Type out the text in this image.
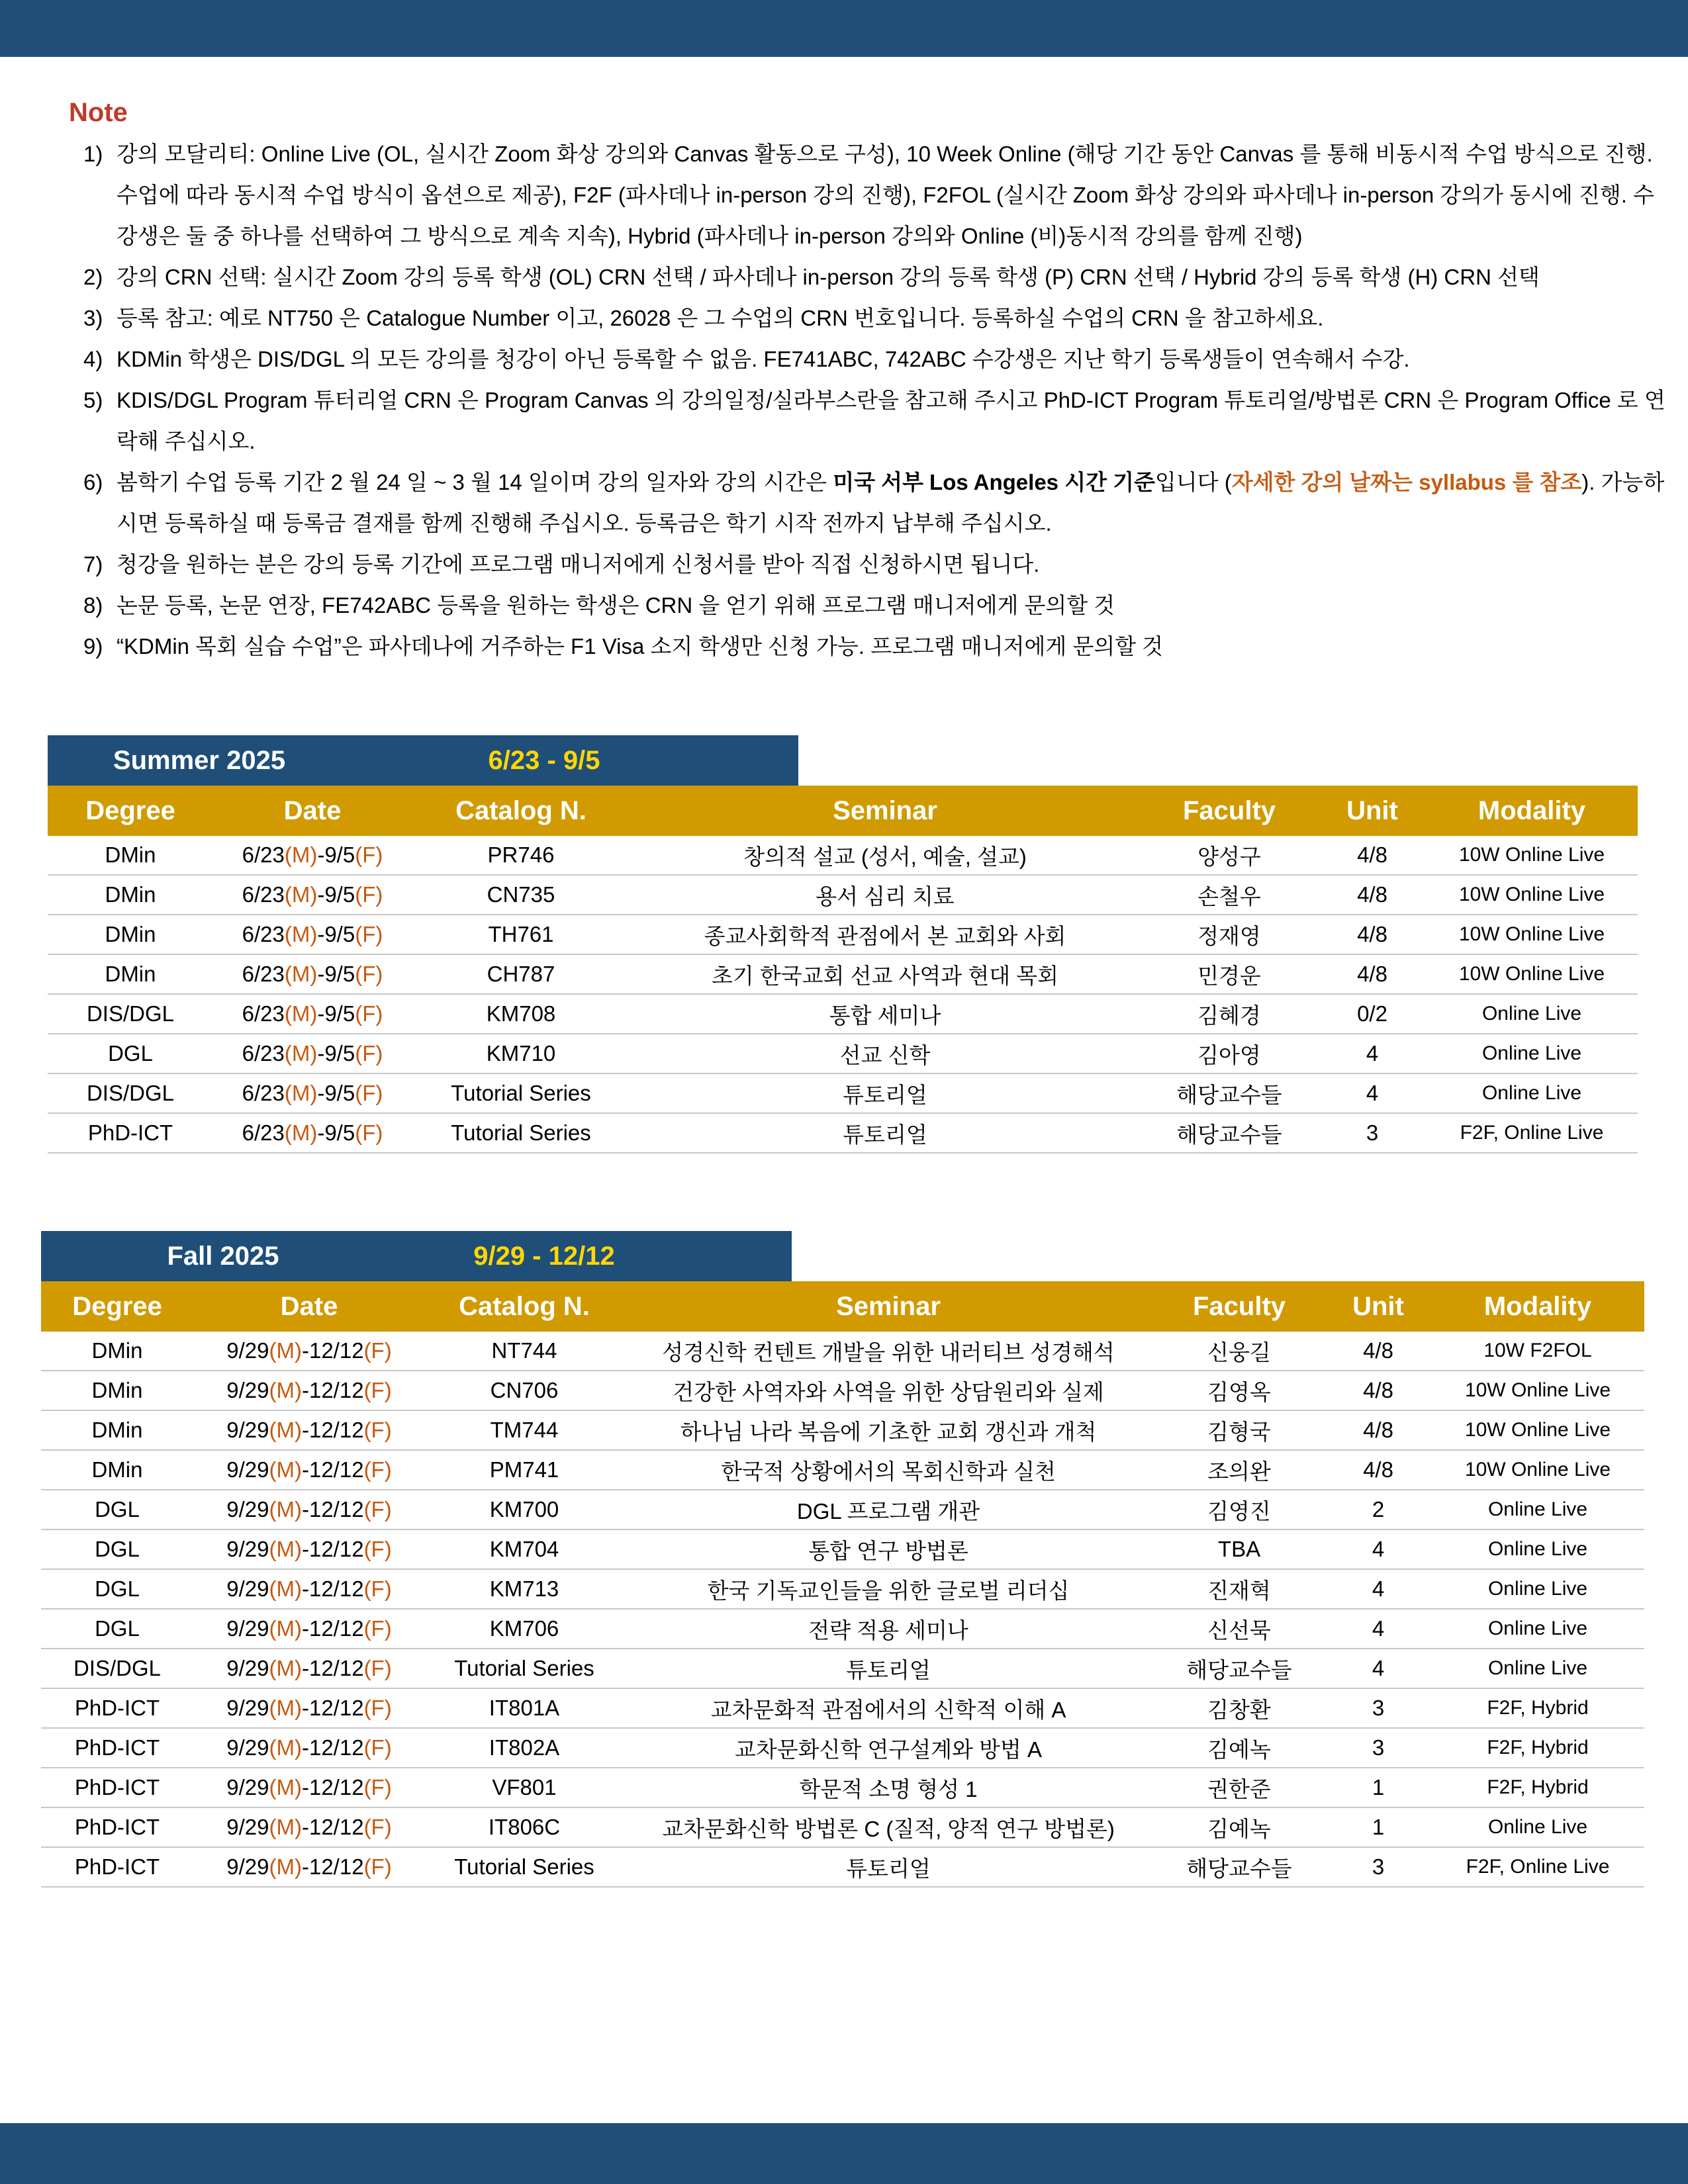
Note
1) 강의 모달리티: Online Live (OL, 실시간 Zoom 화상 강의와 Canvas 활동으로 구성), 10 Week Online (해당 기간 동안 Canvas 를 통해 비동시적 수업 방식으로 진행. 수업에 따라 동시적 수업 방식이 옵션으로 제공), F2F (파사데나 in-person 강의 진행), F2FOL (실시간 Zoom 화상 강의와 파사데나 in-person 강의가 동시에 진행. 수강생은 둘 중 하나를 선택하여 그 방식으로 계속 지속), Hybrid (파사데나 in-person 강의와 Online (비)동시적 강의를 함께 진행)
2) 강의 CRN 선택: 실시간 Zoom 강의 등록 학생 (OL) CRN 선택 / 파사데나 in-person 강의 등록 학생 (P) CRN 선택 / Hybrid 강의 등록 학생 (H) CRN 선택
3) 등록 참고: 예로 NT750 은 Catalogue Number 이고, 26028 은 그 수업의 CRN 번호입니다. 등록하실 수업의 CRN 을 참고하세요.
4) KDMin 학생은 DIS/DGL 의 모든 강의를 청강이 아닌 등록할 수 없음. FE741ABC, 742ABC 수강생은 지난 학기 등록생들이 연속해서 수강.
5) KDIS/DGL Program 튜터리얼 CRN 은 Program Canvas 의 강의일정/실라부스란을 참고해 주시고 PhD-ICT Program 튜토리얼/방법론 CRN 은 Program Office 로 연락해 주십시오.
6) 봄학기 수업 등록 기간 2 월 24 일 ~ 3 월 14 일이며 강의 일자와 강의 시간은 미국 서부 Los Angeles 시간 기준입니다 (자세한 강의 날짜는 syllabus 를 참조). 가능하시면 등록하실 때 등록금 결재를 함께 진행해 주십시오. 등록금은 학기 시작 전까지 납부해 주십시오.
7) 청강을 원하는 분은 강의 등록 기간에 프로그램 매니저에게 신청서를 받아 직접 신청하시면 됩니다.
8) 논문 등록, 논문 연장, FE742ABC 등록을 원하는 학생은 CRN 을 얻기 위해 프로그램 매니저에게 문의할 것
9) “KDMin 목회 실습 수업”은 파사데나에 거주하는 F1 Visa 소지 학생만 신청 가능. 프로그램 매니저에게 문의할 것
Summer 2025	6/23 - 9/5
Degree	Date	Catalog N.	Seminar	Faculty	Unit	Modality
DMin	6/23(M)-9/5(F)	PR746	창의적 설교 (성서, 예술, 설교)	양성구	4/8	10W Online Live
DMin	6/23(M)-9/5(F)	CN735	용서 심리 치료	손철우	4/8	10W Online Live
DMin	6/23(M)-9/5(F)	TH761	종교사회학적 관점에서 본 교회와 사회	정재영	4/8	10W Online Live
DMin	6/23(M)-9/5(F)	CH787	초기 한국교회 선교 사역과 현대 목회	민경운	4/8	10W Online Live
DIS/DGL	6/23(M)-9/5(F)	KM708	통합 세미나	김혜경	0/2	Online Live
DGL	6/23(M)-9/5(F)	KM710	선교 신학	김아영	4	Online Live
DIS/DGL	6/23(M)-9/5(F)	Tutorial Series	튜토리얼	해당교수들	4	Online Live
PhD-ICT	6/23(M)-9/5(F)	Tutorial Series	튜토리얼	해당교수들	3	F2F, Online Live
Fall 2025	9/29 - 12/12
Degree	Date	Catalog N.	Seminar	Faculty	Unit	Modality
DMin	9/29(M)-12/12(F)	NT744	성경신학 컨텐트 개발을 위한 내러티브 성경해석	신웅길	4/8	10W F2FOL
DMin	9/29(M)-12/12(F)	CN706	건강한 사역자와 사역을 위한 상담원리와 실제	김영옥	4/8	10W Online Live
DMin	9/29(M)-12/12(F)	TM744	하나님 나라 복음에 기초한 교회 갱신과 개척	김형국	4/8	10W Online Live
DMin	9/29(M)-12/12(F)	PM741	한국적 상황에서의 목회신학과 실천	조의완	4/8	10W Online Live
DGL	9/29(M)-12/12(F)	KM700	DGL 프로그램 개관	김영진	2	Online Live
DGL	9/29(M)-12/12(F)	KM704	통합 연구 방법론	TBA	4	Online Live
DGL	9/29(M)-12/12(F)	KM713	한국 기독교인들을 위한 글로벌 리더십	진재혁	4	Online Live
DGL	9/29(M)-12/12(F)	KM706	전략 적용 세미나	신선묵	4	Online Live
DIS/DGL	9/29(M)-12/12(F)	Tutorial Series	튜토리얼	해당교수들	4	Online Live
PhD-ICT	9/29(M)-12/12(F)	IT801A	교차문화적 관점에서의 신학적 이해 A	김창환	3	F2F, Hybrid
PhD-ICT	9/29(M)-12/12(F)	IT802A	교차문화신학 연구설계와 방법 A	김예녹	3	F2F, Hybrid
PhD-ICT	9/29(M)-12/12(F)	VF801	학문적 소명 형성 1	권한준	1	F2F, Hybrid
PhD-ICT	9/29(M)-12/12(F)	IT806C	교차문화신학 방법론 C (질적, 양적 연구 방법론)	김예녹	1	Online Live
PhD-ICT	9/29(M)-12/12(F)	Tutorial Series	튜토리얼	해당교수들	3	F2F, Online Live
